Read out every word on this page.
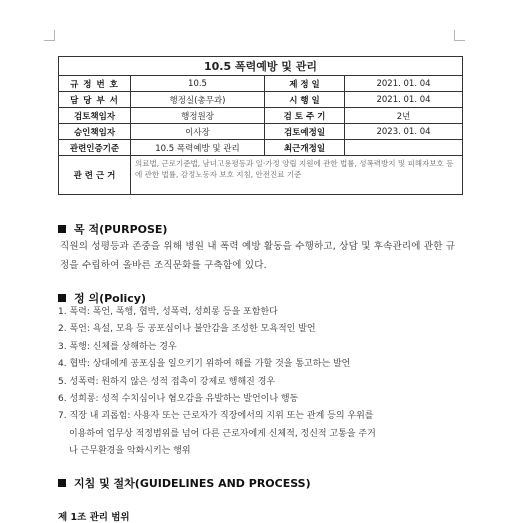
10.5 폭력예방 및 관리			
규 정 번 호	10.5	제 정 일	2021. 01. 04
담 당 부 서	행정실(총무과)	시 행 일	2021. 01. 04
검토책임자	행정원장	검 토 주 기	2년
승인책임자	이사장	검토예정일	2023. 01. 04
관련인증기준	10.5 폭력예방 및 관리	최근개정일	
관 련 근 거	의료법, 근로기준법, 남녀고용평등과 일·가정 양립 지원에 관한 법률, 성폭력방지 및 피해자보호 등에 관한 법률, 감정노동자 보호 지침, 안전진료 기준		
목 적(PURPOSE)
직원의 성평등과 존중을 위해 병원 내 폭력 예방 활동을 수행하고, 상담 및 후속관리에 관한 규정을 수립하여 올바른 조직문화를 구축함에 있다.
정 의(Policy)
1. 폭력: 폭언, 폭행, 협박, 성폭력, 성희롱 등을 포함한다
2. 폭언: 욕설, 모욕 등 공포심이나 불안감을 조성한 모욕적인 발언
3. 폭행: 신체를 상해하는 경우
4. 협박: 상대에게 공포심을 일으키기 위하여 해를 가할 것을 통고하는 발언
5. 성폭력: 원하지 않은 성적 접촉이 강제로 행해진 경우
6. 성희롱: 성적 수치심이나 혐오감을 유발하는 발언이나 행동
7. 직장 내 괴롭힘: 사용자 또는 근로자가 직장에서의 지위 또는 관계 등의 우위를
이용하여 업무상 적정범위를 넘어 다른 근로자에게 신체적, 정신적 고통을 주거
나 근무환경을 악화시키는 행위
지침 및 절차(GUIDELINES AND PROCESS)
제 1조 관리 범위
